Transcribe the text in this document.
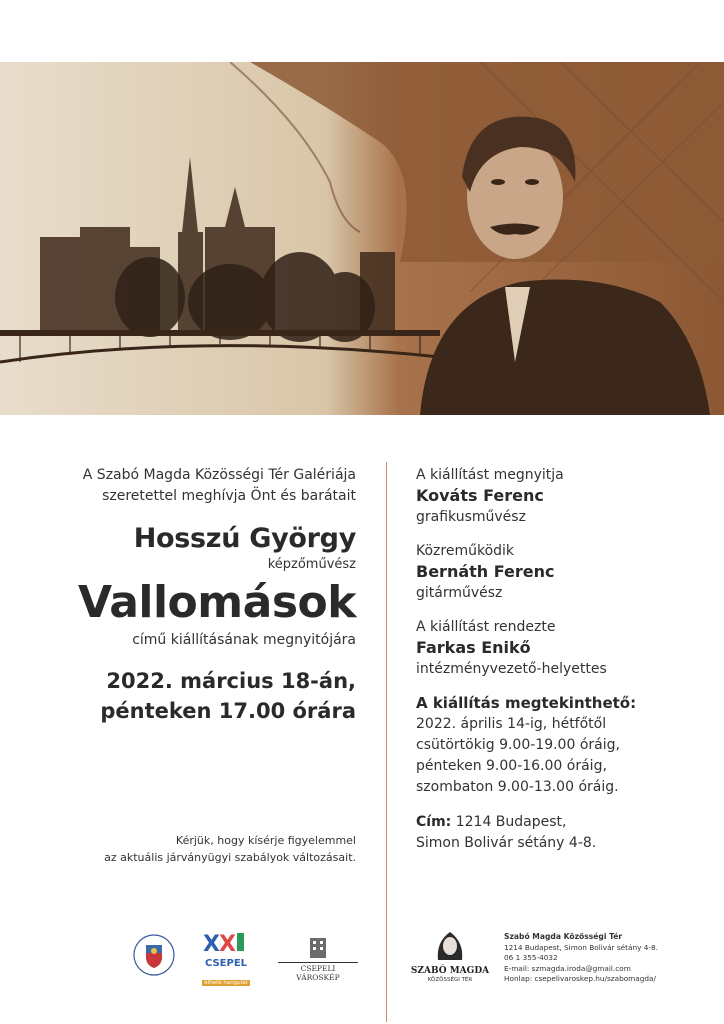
A Szabó Magda Közösségi Tér Galériája

szeretettel meghívja Önt és barátait

Hosszú György
képzőművész
Vallomások
című kiállításának megnyitójára
2022. március 18-án,
pénteken 17.00 órára
Kérjük, hogy kísérje figyelemmel
az aktuális járványügyi szabályok változásait.
A kiállítást megnyitja
Kováts Ferenc
grafikusművész
Közreműködik
Bernáth Ferenc
gitárművész
A kiállítást rendezte
Farkas Enikő
intézményvezető-helyettes
A kiállítás megtekinthető:
2022. április 14-ig, hétfőtől
csütörtökig 9.00-19.00 óráig,
pénteken 9.00-16.00 óráig,
szombaton 9.00-13.00 óráig.
Cím: 1214 Budapest,
Simon Bolivár sétány 4-8.
X X
CSEPEL
élhető hangulat
CSEPELI VÁROSKÉP
SZABÓ MAGDA
KÖZÖSSÉGI TÉR
Szabó Magda Közösségi Tér
1214 Budapest, Simon Bolivár sétány 4-8.
06 1 355-4032
E-mail: szmagda.iroda@gmail.com
Honlap: csepelivaroskep.hu/szabomagda/
